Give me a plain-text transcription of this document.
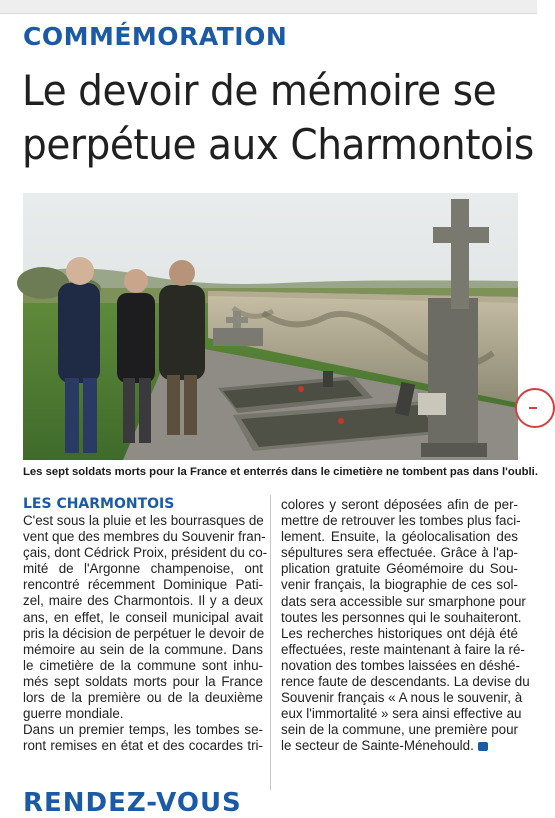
COMMÉMORATION
Le devoir de mémoire se
perpétue aux Charmontois
Les sept soldats morts pour la France et enterrés dans le cimetière ne tombent pas dans l'oubli.
LES CHARMONTOIS
C'est sous la pluie et les bourrasques de
vent que des membres du Souvenir fran-
çais, dont Cédrick Proix, président du co-
mité de l'Argonne champenoise, ont
rencontré récemment Dominique Pati-
zel, maire des Charmontois. Il y a deux
ans, en effet, le conseil municipal avait
pris la décision de perpétuer le devoir de
mémoire au sein de la commune. Dans
le cimetière de la commune sont inhu-
més sept soldats morts pour la France
lors de la première ou de la deuxième
guerre mondiale.
Dans un premier temps, les tombes se-
ront remises en état et des cocardes tri-
colores y seront déposées afin de per-
mettre de retrouver les tombes plus faci-
lement. Ensuite, la géolocalisation des
sépultures sera effectuée. Grâce à l'ap-
plication gratuite Géomémoire du Sou-
venir français, la biographie de ces sol-
dats sera accessible sur smarphone pour
toutes les personnes qui le souhaiteront.
Les recherches historiques ont déjà été
effectuées, reste maintenant à faire la ré-
novation des tombes laissées en déshé-
rence faute de descendants. La devise du
Souvenir français « A nous le souvenir, à
eux l'immortalité » sera ainsi effective au
sein de la commune, une première pour
le secteur de Sainte-Ménehould.
RENDEZ-VOUS
